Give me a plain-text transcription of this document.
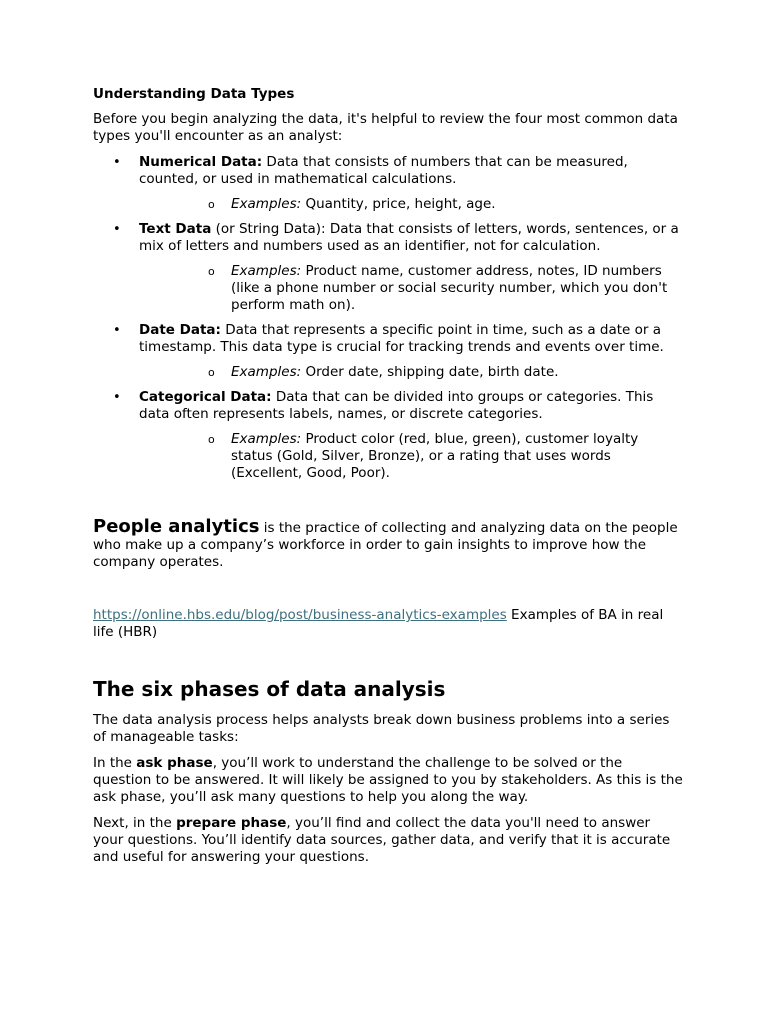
Understanding Data Types

Before you begin analyzing the data, it's helpful to review the four most common data types you'll encounter as an analyst:

• Numerical Data: Data that consists of numbers that can be measured, counted, or used in mathematical calculations.
o Examples: Quantity, price, height, age.
• Text Data (or String Data): Data that consists of letters, words, sentences, or a mix of letters and numbers used as an identifier, not for calculation.
o Examples: Product name, customer address, notes, ID numbers (like a phone number or social security number, which you don't perform math on).
• Date Data: Data that represents a specific point in time, such as a date or a timestamp. This data type is crucial for tracking trends and events over time.
o Examples: Order date, shipping date, birth date.
• Categorical Data: Data that can be divided into groups or categories. This data often represents labels, names, or discrete categories.
o Examples: Product color (red, blue, green), customer loyalty status (Gold, Silver, Bronze), or a rating that uses words (Excellent, Good, Poor).

People analytics is the practice of collecting and analyzing data on the people who make up a company’s workforce in order to gain insights to improve how the company operates.

https://online.hbs.edu/blog/post/business-analytics-examples Examples of BA in real life (HBR)

The six phases of data analysis

The data analysis process helps analysts break down business problems into a series of manageable tasks:

In the ask phase, you’ll work to understand the challenge to be solved or the question to be answered. It will likely be assigned to you by stakeholders. As this is the ask phase, you’ll ask many questions to help you along the way.

Next, in the prepare phase, you’ll find and collect the data you'll need to answer your questions. You’ll identify data sources, gather data, and verify that it is accurate and useful for answering your questions.
